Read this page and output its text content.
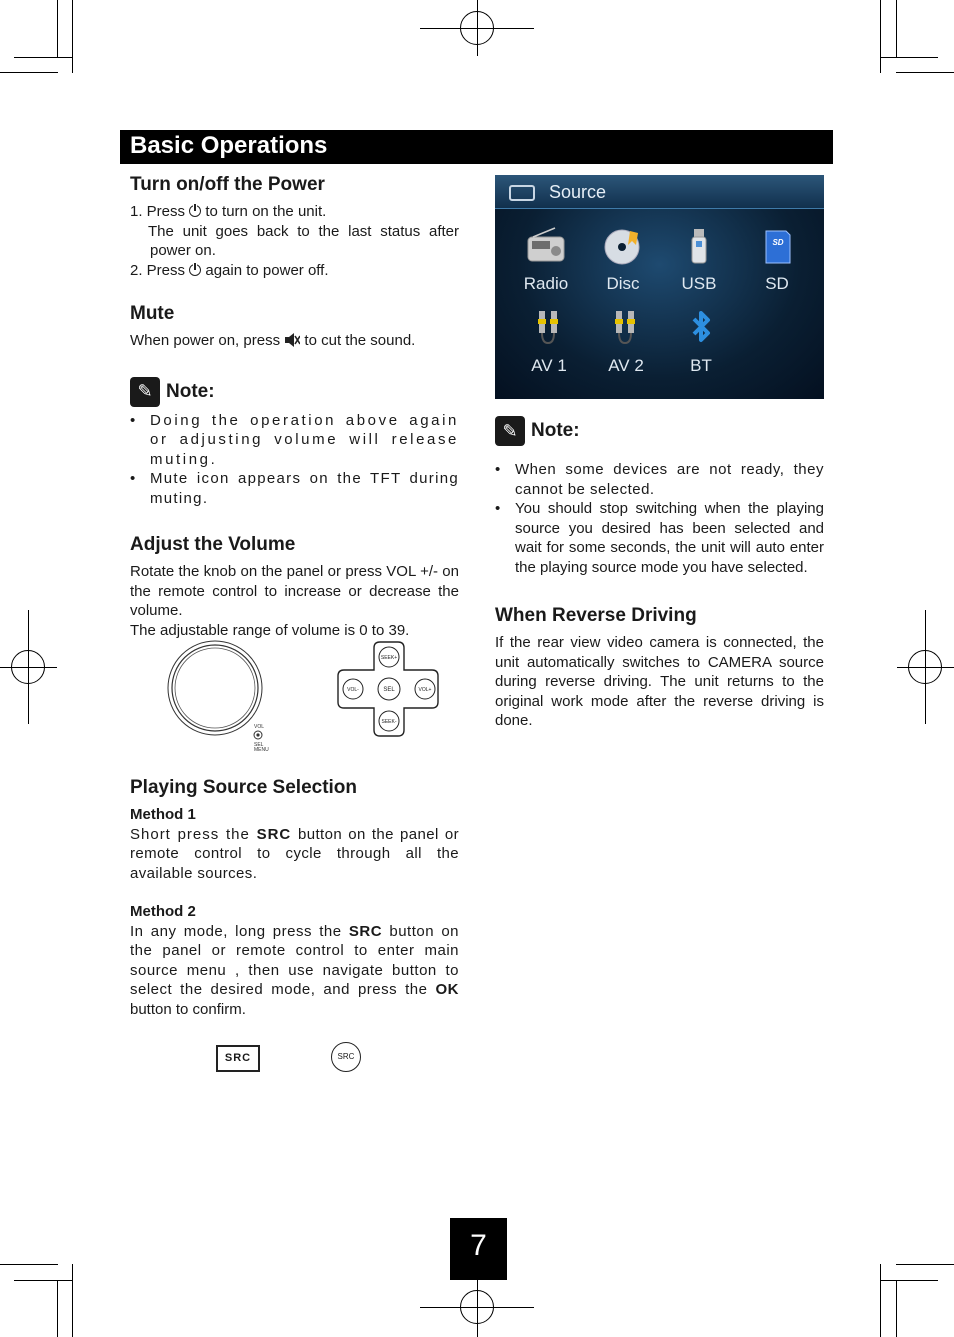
Basic Operations
Turn on/off the Power

1. Press to turn on the unit.

The unit goes back to the last status after power on.

2. Press again to power off.

Mute

When power on, press to cut the sound.

✎ Note:

• Doing the operation above again or adjusting volume will release muting.

• Mute icon appears on the TFT during muting.

Adjust the Volume

Rotate the knob on the panel or press VOL +/- on the remote control to increase or decrease the volume.

The adjustable range of volume is 0 to 39.

VOL
SEL
MENU
SEL
SEEK+
SEEK-
VOL-	VOL+
Playing Source Selection

Method 1

Short press the SRC button on the panel or remote control to cycle through all the available sources.

Method 2

In any mode, long press the SRC button on the panel or remote control to enter main source menu , then use navigate button to select the desired mode, and press the OK button to confirm.

SRC	SRC
Source
Radio	Disc	USB
SD
SD
AV 1	AV 2	BT
✎ Note:

• When some devices are not ready, they cannot be selected.

• You should stop switching when the playing source you desired has been selected and wait for some seconds, the unit will auto enter the playing source mode you have selected.

When Reverse Driving

If the rear view video camera is connected, the unit automatically switches to CAMERA source during reverse driving. The unit returns to the original work mode after the reverse driving is done.

7
